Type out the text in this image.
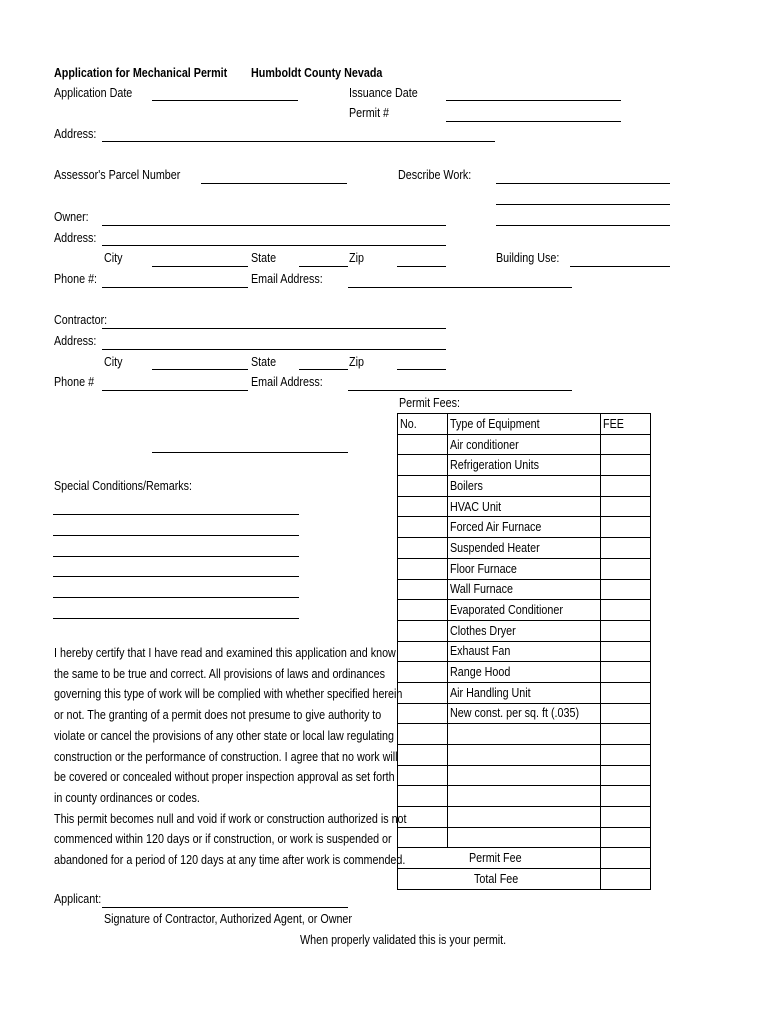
Application for Mechanical Permit Humboldt County Nevada
Application Date	Issuance Date
Permit #
Address:
Assessor's Parcel Number	Describe Work:
Owner:
Address:
City	State	Zip	Building Use:
Phone #:	Email Address:
Contractor:
Address:
City	State	Zip
Phone #	Email Address:
Special Conditions/Remarks:
Permit Fees:
No.	Type of Equipment	FEE
	Air conditioner	
	Refrigeration Units	
	Boilers	
	HVAC Unit	
	Forced Air Furnace	
	Suspended Heater	
	Floor Furnace	
	Wall Furnace	
	Evaporated Conditioner	
	Clothes Dryer	
	Exhaust Fan	
	Range Hood	
	Air Handling Unit	
	New const. per sq. ft (.035)	

Permit Fee		
Total Fee		
I hereby certify that I have read and examined this application and know
the same to be true and correct. All provisions of laws and ordinances
governing this type of work will be complied with whether specified herein
or not. The granting of a permit does not presume to give authority to
violate or cancel the provisions of any other state or local law regulating
construction or the performance of construction. I agree that no work will
be covered or concealed without proper inspection approval as set forth
in county ordinances or codes.
This permit becomes null and void if work or construction authorized is not
commenced within 120 days or if construction, or work is suspended or
abandoned for a period of 120 days at any time after work is commended.
Applicant:
Signature of Contractor, Authorized Agent, or Owner
When properly validated this is your permit.
